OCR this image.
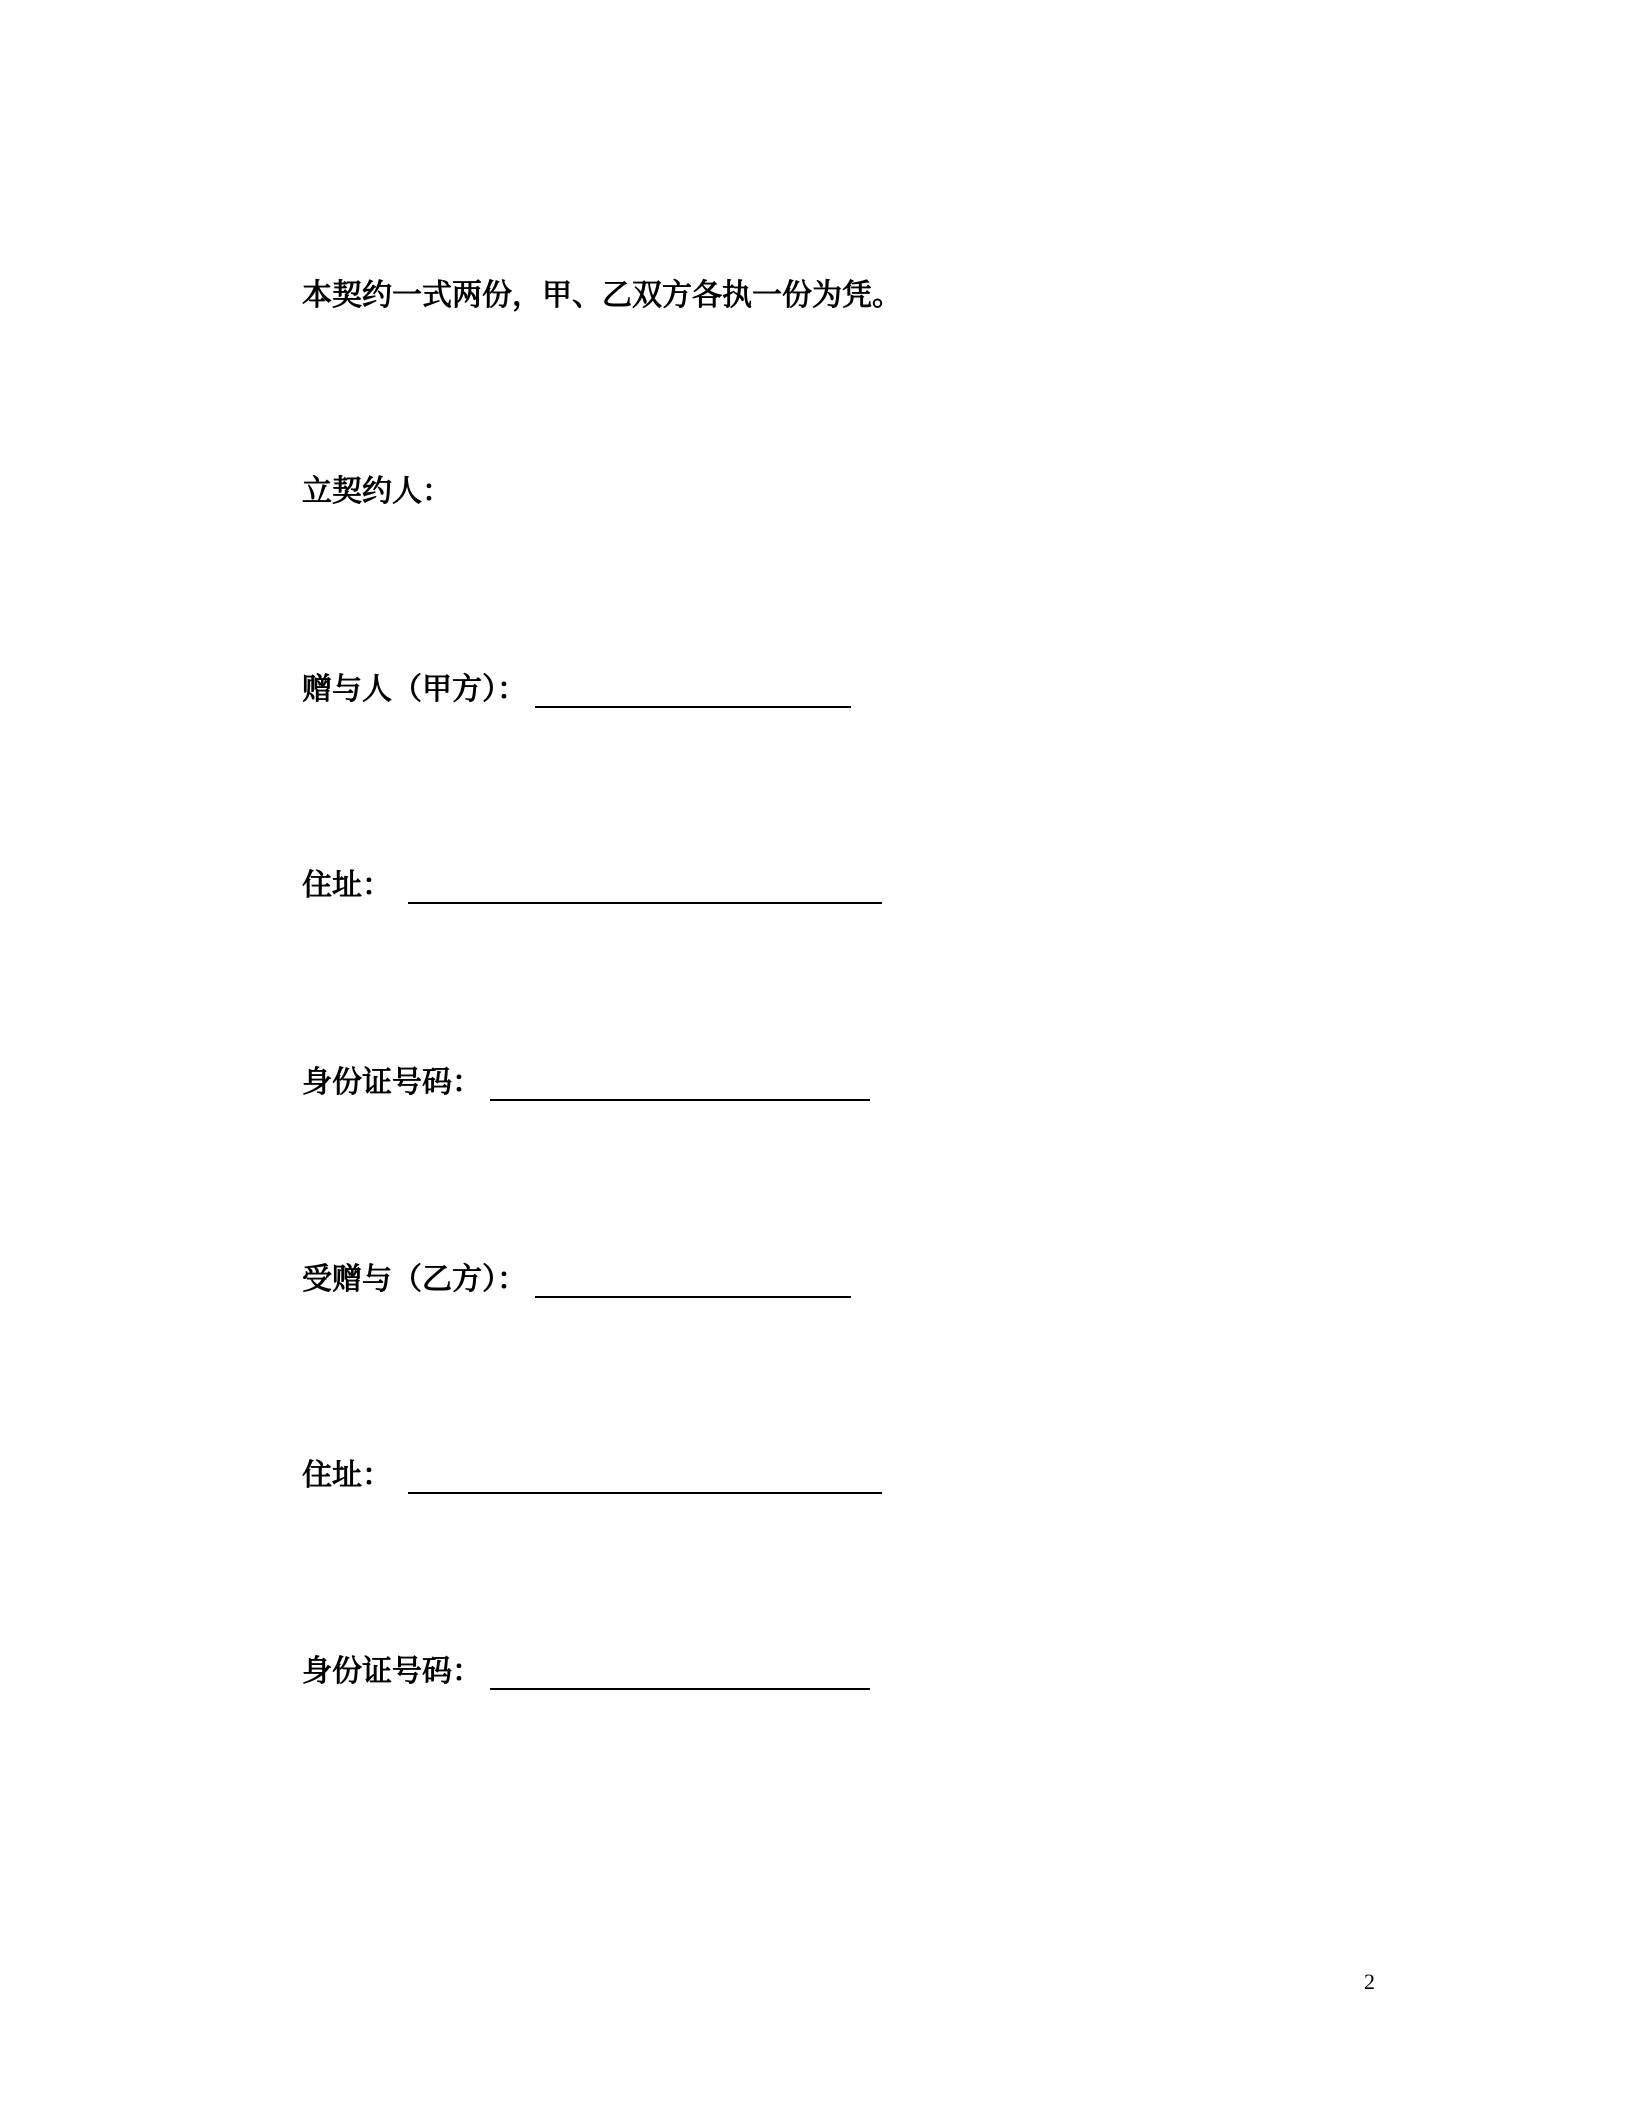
本契约一式两份，甲、乙双方各执一份为凭。
立契约人：
赠与人（甲方）：
住址：
身份证号码：
受赠与（乙方）：
住址：
身份证号码：
2
